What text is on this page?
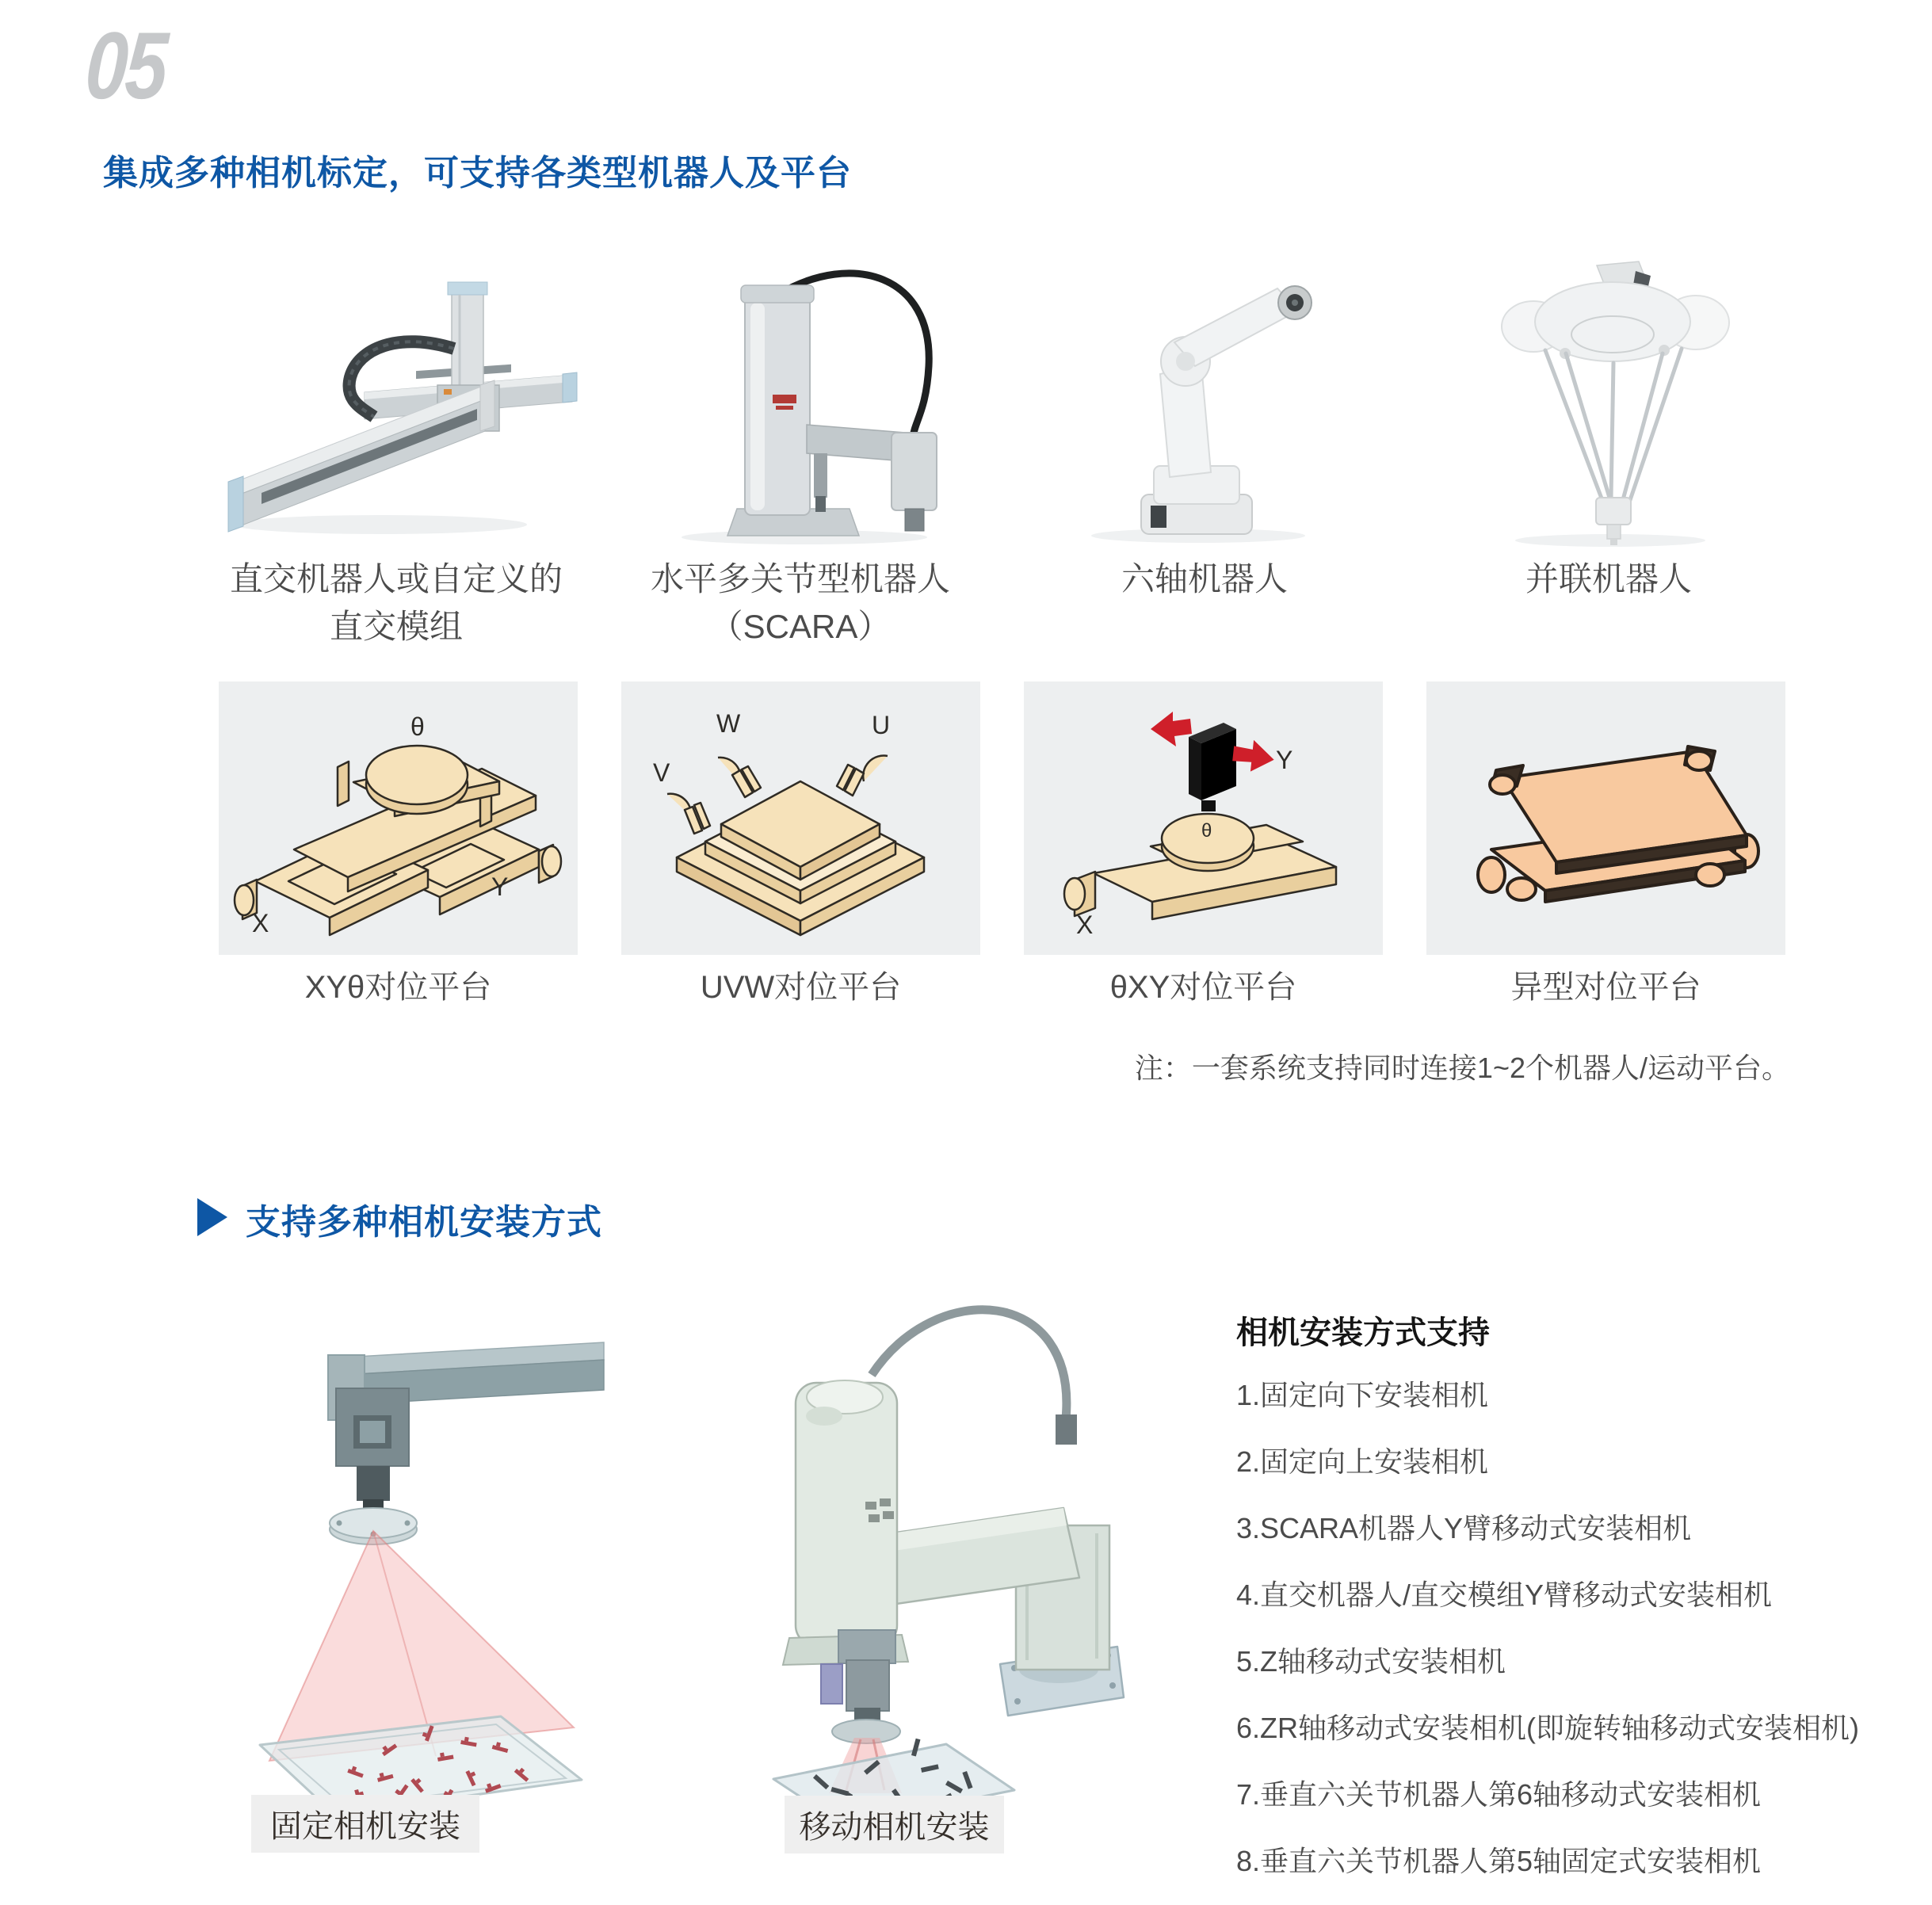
05
集成多种相机标定，可支持各类型机器人及平台
直交机器人或自定义的直交模组
水平多关节型机器人（SCARA）
六轴机器人	并联机器人
θ
X
Y
W	U
V	Y
θ
X
XYθ对位平台	UVW对位平台	θXY对位平台	异型对位平台
注：一套系统支持同时连接1~2个机器人/运动平台。
支持多种相机安装方式
固定相机安装	移动相机安装
相机安装方式支持
1.固定向下安装相机
2.固定向上安装相机
3.SCARA机器人Y臂移动式安装相机
4.直交机器人/直交模组Y臂移动式安装相机
5.Z轴移动式安装相机
6.ZR轴移动式安装相机(即旋转轴移动式安装相机)
7.垂直六关节机器人第6轴移动式安装相机
8.垂直六关节机器人第5轴固定式安装相机
